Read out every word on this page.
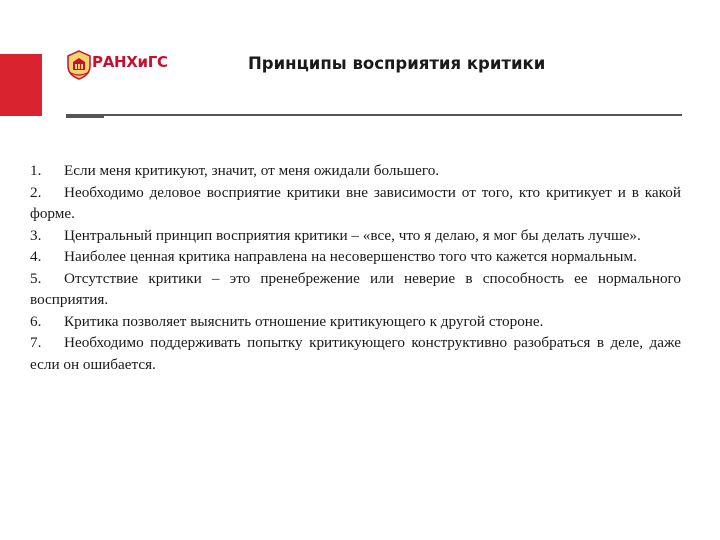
РАНХиГС	Принципы восприятия критики

1. Если меня критикуют, значит, от меня ожидали большего.

2. Необходимо деловое восприятие критики вне зависимости от того, кто критикует и в какой форме.

3. Центральный принцип восприятия критики – «все, что я делаю, я мог бы делать лучше».

4. Наиболее ценная критика направлена на несовершенство того что кажется нормальным.

5. Отсутствие критики – это пренебрежение или неверие в способность ее нормального восприятия.

6. Критика позволяет выяснить отношение критикующего к другой стороне.

7. Необходимо поддерживать попытку критикующего конструктивно разобраться в деле, даже если он ошибается.
